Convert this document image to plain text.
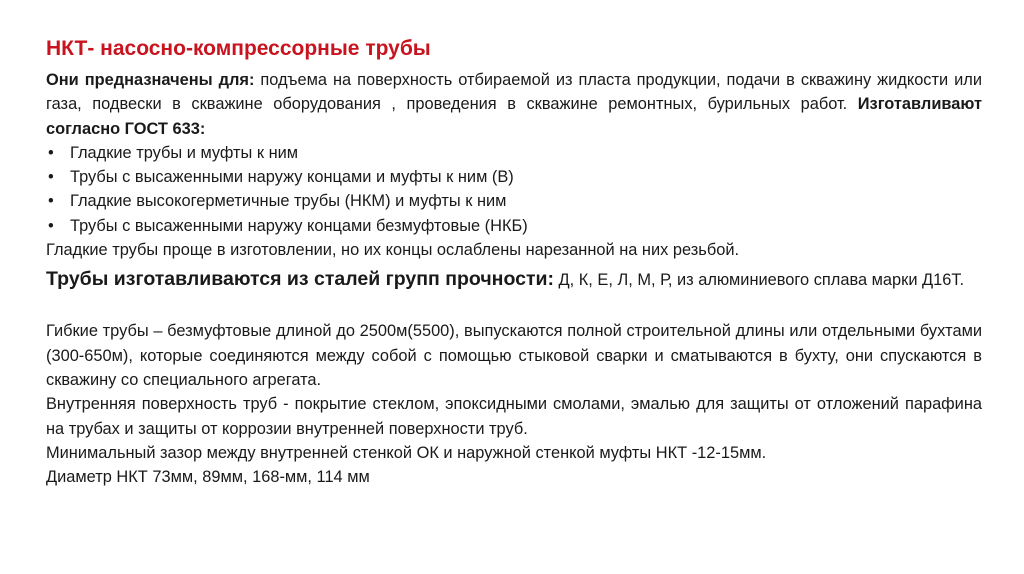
НКТ- насосно-компрессорные трубы

Они предназначены для: подъема на поверхность отбираемой из пласта продукции, подачи в скважину жидкости или газа, подвески в скважине оборудования , проведения в скважине ремонтных, бурильных работ. Изготавливают согласно ГОСТ 633:

• Гладкие трубы и муфты к ним
• Трубы с высаженными наружу концами и муфты к ним (В)
• Гладкие высокогерметичные трубы (НКМ) и муфты к ним
• Трубы с высаженными наружу концами безмуфтовые (НКБ)

Гладкие трубы проще в изготовлении, но их концы ослаблены нарезанной на них резьбой.

Трубы изготавливаются из сталей групп прочности: Д, К, Е, Л, М, Р, из алюминиевого сплава марки Д16Т.

Гибкие трубы – безмуфтовые длиной до 2500м(5500), выпускаются полной строительной длины или отдельными бухтами (300-650м), которые соединяются между собой с помощью стыковой сварки и сматываются в бухту, они спускаются в скважину со специального агрегата.

Внутренняя поверхность труб - покрытие стеклом, эпоксидными смолами, эмалью для защиты от отложений парафина на трубах и защиты от коррозии внутренней поверхности труб.

Минимальный зазор между внутренней стенкой ОК и наружной стенкой муфты НКТ -12-15мм.

Диаметр НКТ 73мм, 89мм, 168-мм, 114 мм
